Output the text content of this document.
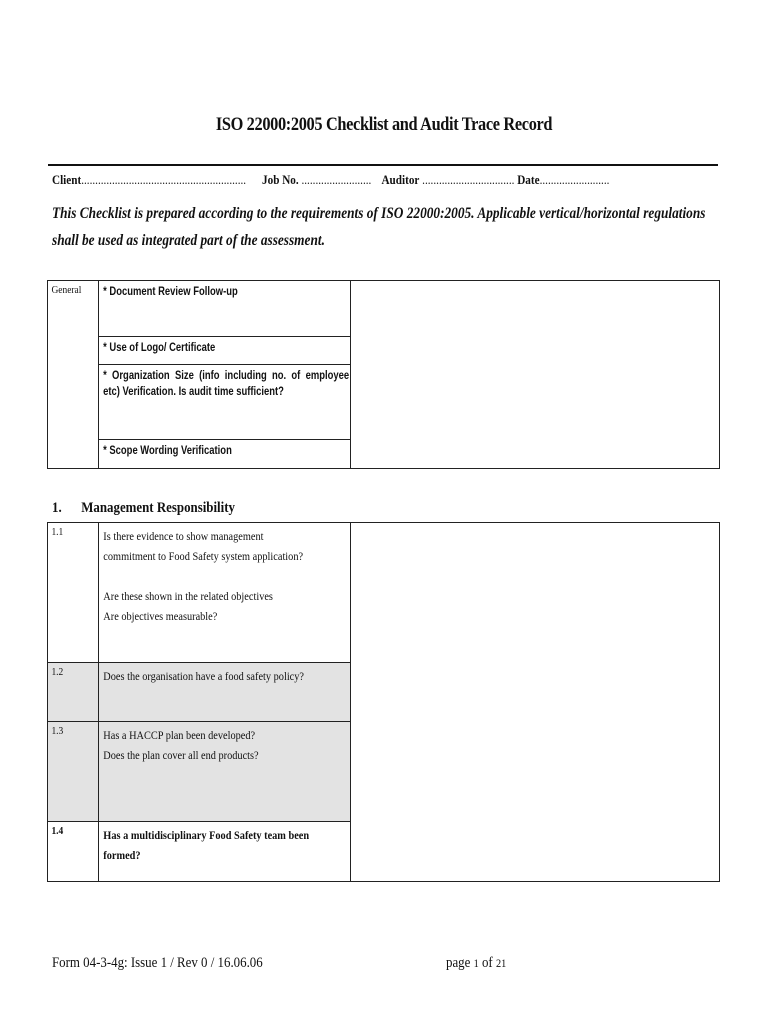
ISO 22000:2005 Checklist and Audit Trace Record
Client........................................................... Job No. ......................... Auditor ................................. Date.........................
This Checklist is prepared according to the requirements of ISO 22000:2005. Applicable vertical/horizontal regulations shall be used as integrated part of the assessment.
General	* Document Review Follow-up

* Use of Logo/ Certificate

* Organization Size (info including no. of employee etc) Verification. Is audit time sufficient?

* Scope Wording Verification
1. Management Responsibility
1.1	Is there evidence to show management commitment to Food Safety system application?

Are these shown in the related objectives
Are objectives measurable?	

1.2	Does the organisation have a food safety policy?	

1.3	Has a HACCP plan been developed?
Does the plan cover all end products?	

1.4	Has a multidisciplinary Food Safety team been formed?	
Form 04-3-4g: Issue 1 / Rev 0 / 16.06.06	page 1 of 21
